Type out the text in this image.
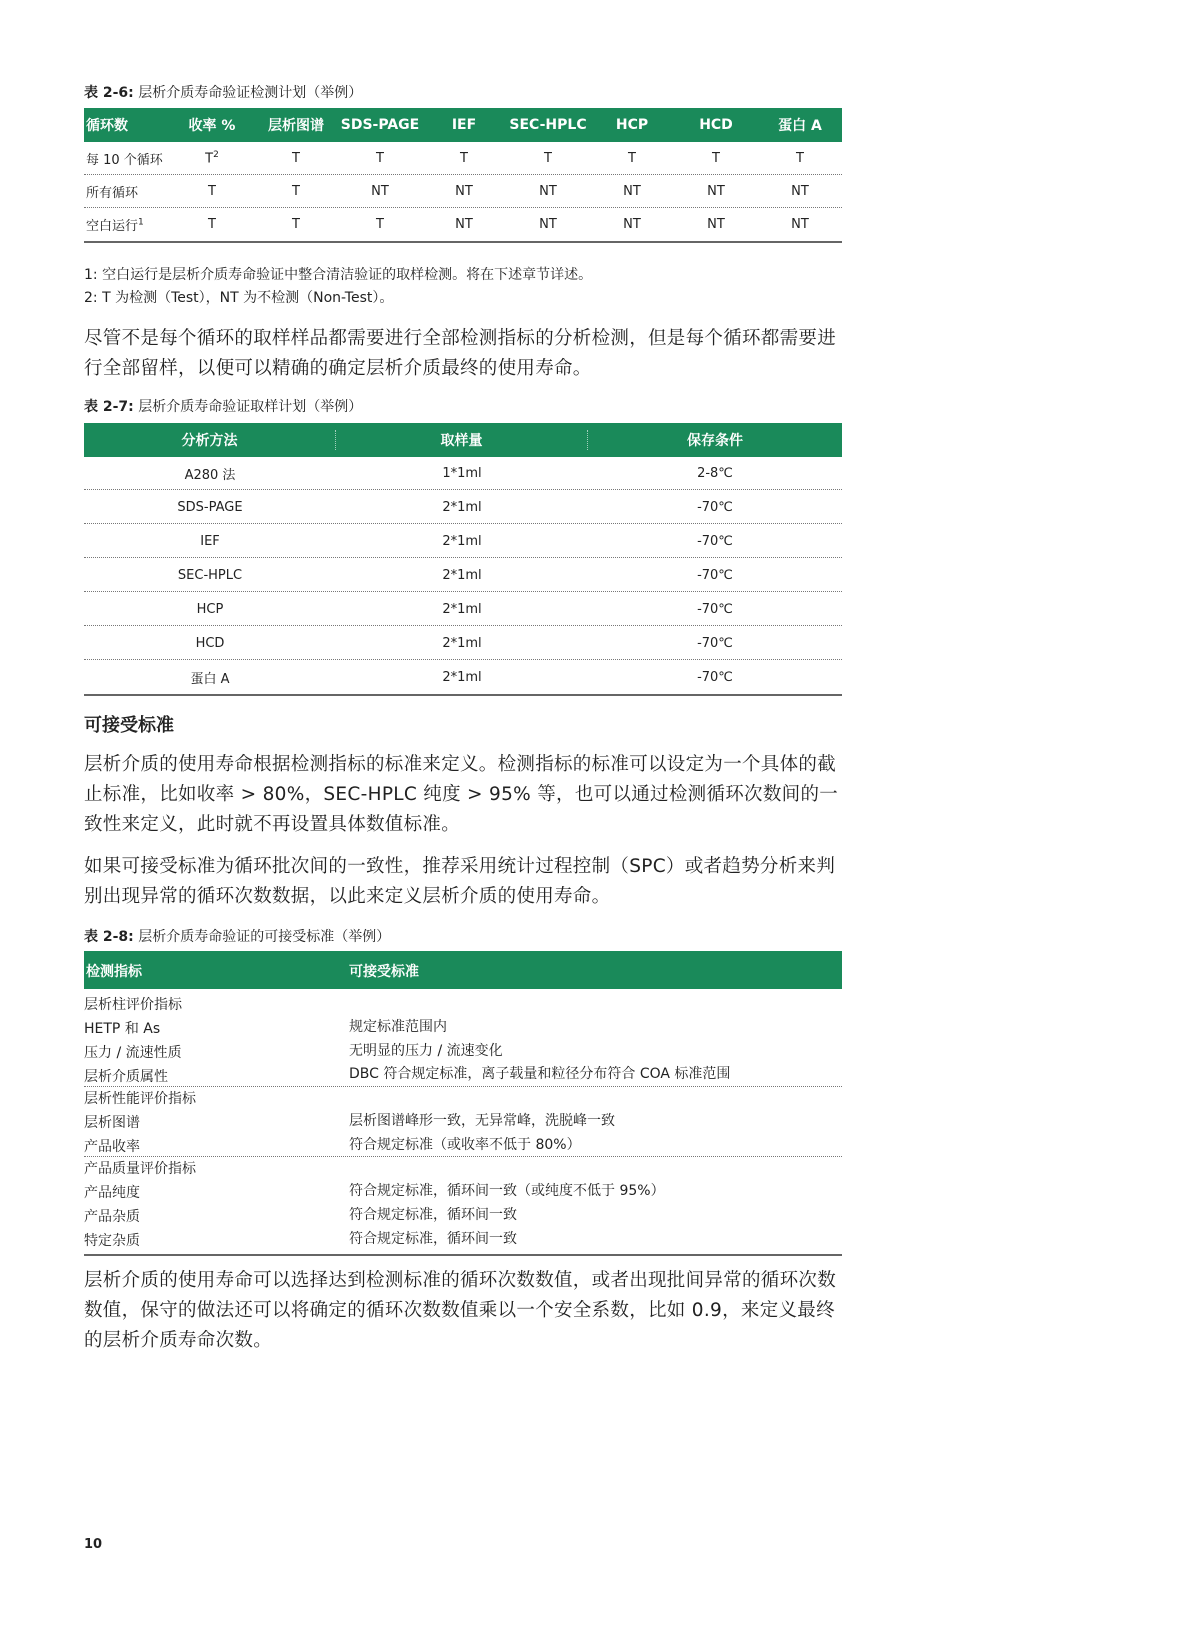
表 2-6: 层析介质寿命验证检测计划（举例）
循环数	收率 %	层析图谱	SDS-PAGE	IEF	SEC-HPLC	HCP	HCD	蛋白 A
每 10 个循环	$T^2$	T	T	T	T	T	T	T
所有循环	T	T	NT	NT	NT	NT	NT	NT
空白运行$^1$	T	T	T	NT	NT	NT	NT	NT
1: 空白运行是层析介质寿命验证中整合清洁验证的取样检测。将在下述章节详述。
2: T 为检测（Test），NT 为不检测（Non-Test）。
尽管不是每个循环的取样样品都需要进行全部检测指标的分析检测，但是每个循环都需要进行全部留样，以便可以精确的确定层析介质最终的使用寿命。
表 2-7: 层析介质寿命验证取样计划（举例）
分析方法	取样量	保存条件
A280 法	1*1ml	2-8℃
SDS-PAGE	2*1ml	-70℃
IEF	2*1ml	-70℃
SEC-HPLC	2*1ml	-70℃
HCP	2*1ml	-70℃
HCD	2*1ml	-70℃
蛋白 A	2*1ml	-70℃
可接受标准
层析介质的使用寿命根据检测指标的标准来定义。检测指标的标准可以设定为一个具体的截止标准，比如收率 > 80%，SEC-HPLC 纯度 > 95% 等，也可以通过检测循环次数间的一致性来定义，此时就不再设置具体数值标准。
如果可接受标准为循环批次间的一致性，推荐采用统计过程控制（SPC）或者趋势分析来判别出现异常的循环次数数据，以此来定义层析介质的使用寿命。
表 2-8: 层析介质寿命验证的可接受标准（举例）
检测指标	可接受标准
层析柱评价指标
HETP 和 As	规定标准范围内
压力 / 流速性质	无明显的压力 / 流速变化
层析介质属性	DBC 符合规定标准，离子载量和粒径分布符合 COA 标准范围
层析性能评价指标
层析图谱	层析图谱峰形一致，无异常峰，洗脱峰一致
产品收率	符合规定标准（或收率不低于 80%）
产品质量评价指标
产品纯度	符合规定标准，循环间一致（或纯度不低于 95%）
产品杂质	符合规定标准，循环间一致
特定杂质	符合规定标准，循环间一致
层析介质的使用寿命可以选择达到检测标准的循环次数数值，或者出现批间异常的循环次数数值，保守的做法还可以将确定的循环次数数值乘以一个安全系数，比如 0.9，来定义最终的层析介质寿命次数。
10
